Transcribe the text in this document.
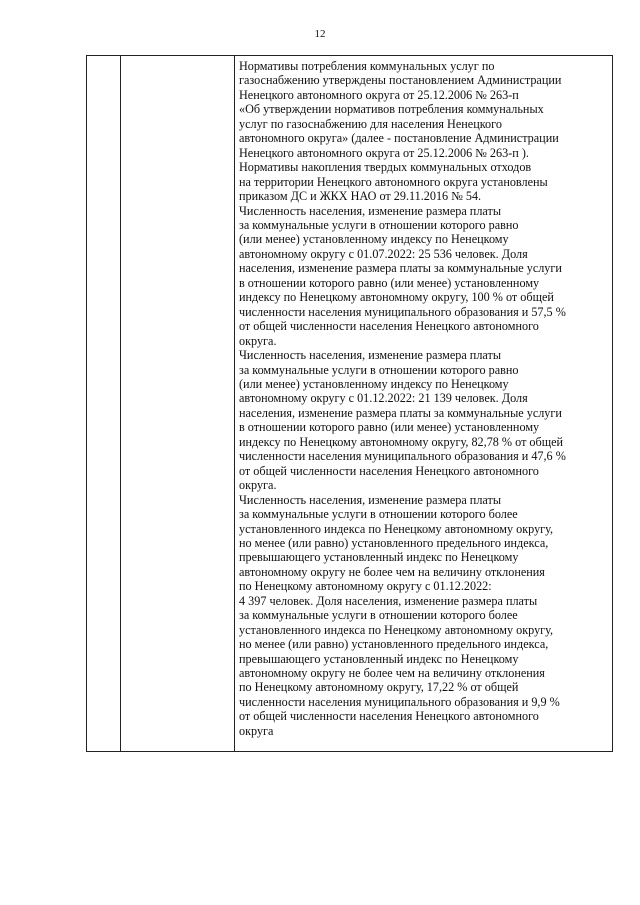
12

Нормативы потребления коммунальных услуг по
газоснабжению утверждены постановлением Администрации
Ненецкого автономного округа от 25.12.2006 № 263-п
«Об утверждении нормативов потребления коммунальных
услуг по газоснабжению для населения Ненецкого
автономного округа» (далее - постановление Администрации
Ненецкого автономного округа от 25.12.2006 № 263-п ).

Нормативы накопления твердых коммунальных отходов
на территории Ненецкого автономного округа установлены
приказом ДС и ЖКХ НАО от 29.11.2016 № 54.

Численность населения, изменение размера платы
за коммунальные услуги в отношении которого равно
(или менее) установленному индексу по Ненецкому
автономному округу с 01.07.2022: 25 536 человек. Доля
населения, изменение размера платы за коммунальные услуги
в отношении которого равно (или менее) установленному
индексу по Ненецкому автономному округу, 100 % от общей
численности населения муниципального образования и 57,5 %
от общей численности населения Ненецкого автономного
округа.

Численность населения, изменение размера платы
за коммунальные услуги в отношении которого равно
(или менее) установленному индексу по Ненецкому
автономному округу с 01.12.2022: 21 139 человек. Доля
населения, изменение размера платы за коммунальные услуги
в отношении которого равно (или менее) установленному
индексу по Ненецкому автономному округу, 82,78 % от общей
численности населения муниципального образования и 47,6 %
от общей численности населения Ненецкого автономного
округа.

Численность населения, изменение размера платы
за коммунальные услуги в отношении которого более
установленного индекса по Ненецкому автономному округу,
но менее (или равно) установленного предельного индекса,
превышающего установленный индекс по Ненецкому
автономному округу не более чем на величину отклонения
по Ненецкому автономному округу с 01.12.2022:
4 397 человек. Доля населения, изменение размера платы
за коммунальные услуги в отношении которого более
установленного индекса по Ненецкому автономному округу,
но менее (или равно) установленного предельного индекса,
превышающего установленный индекс по Ненецкому
автономному округу не более чем на величину отклонения
по Ненецкому автономному округу, 17,22 % от общей
численности населения муниципального образования и 9,9 %
от общей численности населения Ненецкого автономного
округа
